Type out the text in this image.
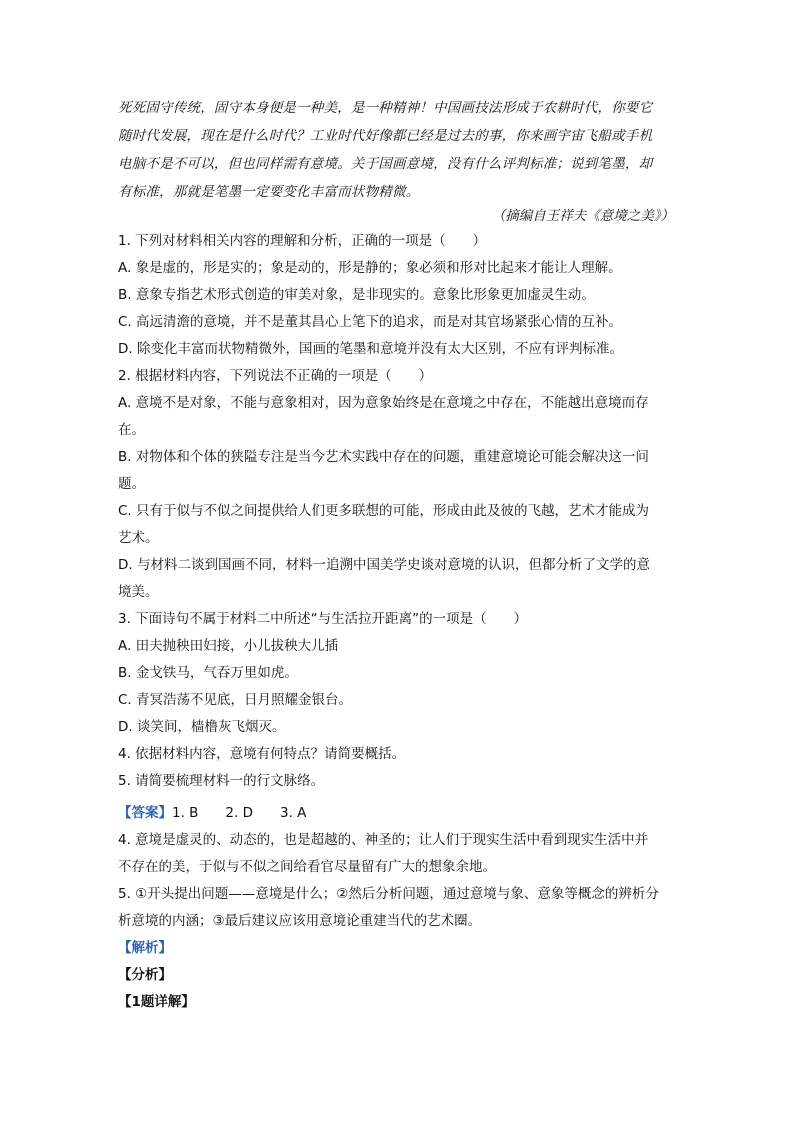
死死固守传统，固守本身便是一种美，是一种精神！中国画技法形成于农耕时代，你要它

随时代发展，现在是什么时代？工业时代好像都已经是过去的事，你来画宇宙飞船或手机

电脑不是不可以，但也同样需有意境。关于国画意境，没有什么评判标准；说到笔墨，却

有标准，那就是笔墨一定要变化丰富而状物精微。

（摘编自王祥夫《意境之美》）

1. 下列对材料相关内容的理解和分析，正确的一项是（　　）

A. 象是虚的，形是实的；象是动的，形是静的；象必须和形对比起来才能让人理解。

B. 意象专指艺术形式创造的审美对象，是非现实的。意象比形象更加虚灵生动。

C. 高远清澹的意境，并不是董其昌心上笔下的追求，而是对其官场紧张心情的互补。

D. 除变化丰富而状物精微外，国画的笔墨和意境并没有太大区别，不应有评判标准。

2. 根据材料内容，下列说法不正确的一项是（　　）

A. 意境不是对象，不能与意象相对，因为意象始终是在意境之中存在，不能越出意境而存

在。

B. 对物体和个体的狭隘专注是当今艺术实践中存在的问题，重建意境论可能会解决这一问

题。

C. 只有于似与不似之间提供给人们更多联想的可能，形成由此及彼的飞越，艺术才能成为

艺术。

D. 与材料二谈到国画不同，材料一追溯中国美学史谈对意境的认识，但都分析了文学的意

境美。

3. 下面诗句不属于材料二中所述“与生活拉开距离”的一项是（　　）

A. 田夫抛秧田妇接，小儿拔秧大儿插

B. 金戈铁马，气吞万里如虎。

C. 青冥浩荡不见底，日月照耀金银台。

D. 谈笑间，樯橹灰飞烟灭。

4. 依据材料内容，意境有何特点？请简要概括。

5. 请简要梳理材料一的行文脉络。

【答案】1. B　　2. D　　3. A

4. 意境是虚灵的、动态的，也是超越的、神圣的；让人们于现实生活中看到现实生活中并

不存在的美，于似与不似之间给看官尽量留有广大的想象余地。

5. ①开头提出问题——意境是什么；②然后分析问题，通过意境与象、意象等概念的辨析分

析意境的内涵；③最后建议应该用意境论重建当代的艺术圈。

【解析】

【分析】

【1题详解】
